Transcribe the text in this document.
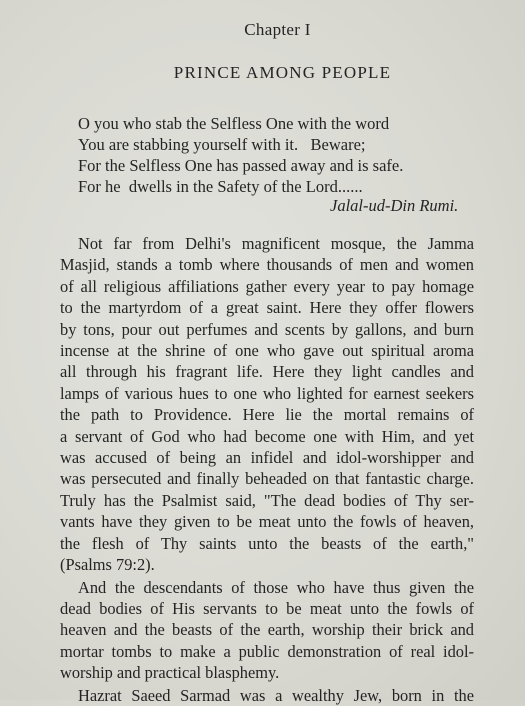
Chapter I
PRINCE AMONG PEOPLE
O you who stab the Selfless One with the word
You are stabbing yourself with it.   Beware;
For the Selfless One has passed away and is safe.
For he  dwells in the Safety of the Lord......
Jalal-ud-Din Rumi.
Not far from Delhi's magnificent mosque, the Jamma
Masjid, stands a tomb where thousands of men and women
of all religious affiliations gather every year to pay homage
to the martyrdom of a great saint. Here they offer flowers
by tons, pour out perfumes and scents by gallons, and burn
incense at the shrine of one who gave out spiritual aroma
all through his fragrant life. Here they light candles and
lamps of various hues to one who lighted for earnest seekers
the path to Providence. Here lie the mortal remains of
a servant of God who had become one with Him, and yet
was accused of being an infidel and idol-worshipper and
was persecuted and finally beheaded on that fantastic charge.
Truly has the Psalmist said, "The dead bodies of Thy ser-
vants have they given to be meat unto the fowls of heaven,
the flesh of Thy saints unto the beasts of the earth,"
(Psalms 79:2).
And the descendants of those who have thus given the
dead bodies of His servants to be meat unto the fowls of
heaven and the beasts of the earth, worship their brick and
mortar tombs to make a public demonstration of real idol-
worship and practical blasphemy.
Hazrat Saeed Sarmad was a wealthy Jew, born in the
